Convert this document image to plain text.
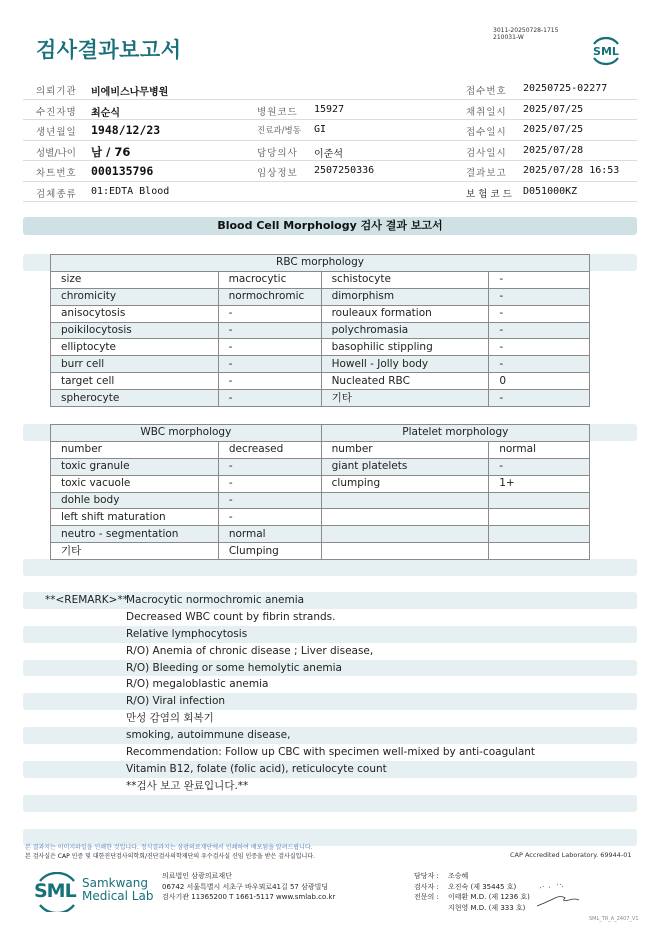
검사결과보고서
3011-20250728-1715
210031-W
SML
의뢰기관 비에비스나무병원	접수번호 20250725-02277
수진자명 최순식	병원코드 15927	채취일시 2025/07/25
생년월일 1948/12/23	진료과/병동 GI	접수일시 2025/07/25
성별/나이 남 / 76	담당의사 이준석	검사일시 2025/07/28
차트번호 000135796	임상정보 2507250336	결과보고 2025/07/28 16:53
검체종류 01:EDTA Blood	보 험 코 드 D051000KZ
Blood Cell Morphology 검사 결과 보고서
RBC morphology			
size	macrocytic	schistocyte	-
chromicity	normochromic	dimorphism	-
anisocytosis	-	rouleaux formation	-
poikilocytosis	-	polychromasia	-
elliptocyte	-	basophilic stippling	-
burr cell	-	Howell - Jolly body	-
target cell	-	Nucleated RBC	0
spherocyte	-	기타	-
WBC morphology		Platelet morphology	
number	decreased	number	normal
toxic granule	-	giant platelets	-
toxic vacuole	-	clumping	1+
dohle body	-		
left shift maturation	-		
neutro - segmentation	normal		
기타	Clumping		
**<REMARK>**
Macrocytic normochromic anemia
Decreased WBC count by fibrin strands.
Relative lymphocytosis
R/O) Anemia of chronic disease ; Liver disease,
R/O) Bleeding or some hemolytic anemia
R/O) megaloblastic anemia
R/O) Viral infection
만성 감염의 회복기
smoking, autoimmune disease,
Recommendation: Follow up CBC with specimen well-mixed by anti-coagulant
Vitamin B12, folate (folic acid), reticulocyte count
**검사 보고 완료입니다.**
본 결과지는 이미지파일을 인쇄한 것입니다. 정식결과지는 삼광의료재단에서 인쇄하여 배포됨을 알려드립니다.
본 검사실은 CAP 인증 및 대한진단검사의학회/진단검사의학재단의 우수검사실 신임 인증을 받은 검사실입니다.	CAP Accredited Laboratory. 69944-01
SML Samkwang
Medical Lab
의료법인 삼광의료재단
06742 서울특별시 서초구 바우뫼로41길 57 삼광빌딩
검사기관 11365200 T 1661-5117 www.smlab.co.kr
담당자 : 조승혜
검사자 : 오진숙 (제 35445 호)
전문의 : 이태환 M.D. (제 1236 호)
지현영 M.D. (제 333 호)
SML_TR_A_2407_V1
